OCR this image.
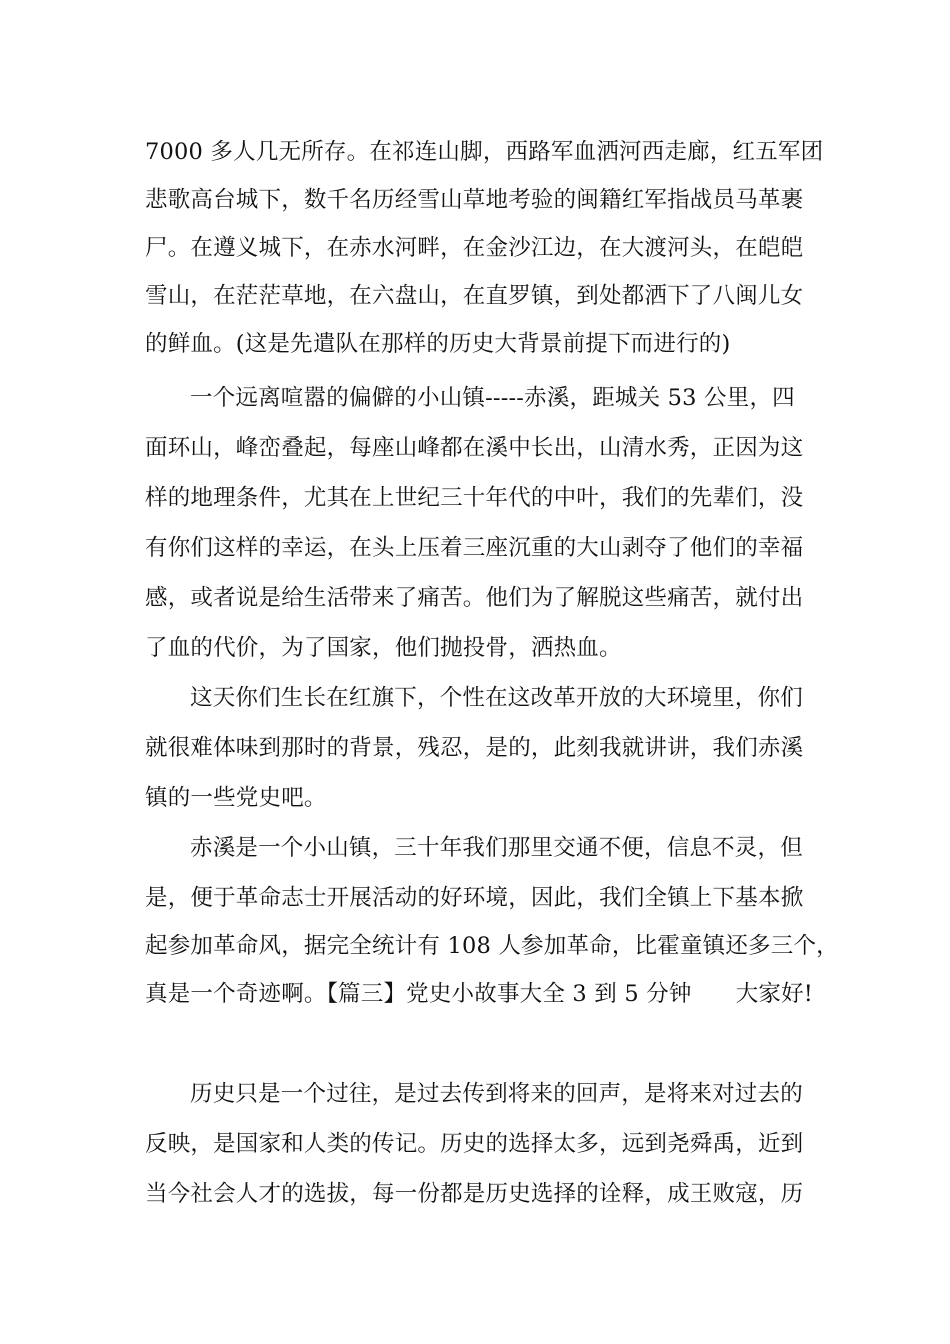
7000 多人几无所存。在祁连山脚，西路军血洒河西走廊，红五军团
悲歌高台城下，数千名历经雪山草地考验的闽籍红军指战员马革裹
尸。在遵义城下，在赤水河畔，在金沙江边，在大渡河头，在皑皑
雪山，在茫茫草地，在六盘山，在直罗镇，到处都洒下了八闽儿女
的鲜血。(这是先遣队在那样的历史大背景前提下而进行的)
一个远离喧嚣的偏僻的小山镇-----赤溪，距城关 53 公里，四
面环山，峰峦叠起，每座山峰都在溪中长出，山清水秀，正因为这
样的地理条件，尤其在上世纪三十年代的中叶，我们的先辈们，没
有你们这样的幸运，在头上压着三座沉重的大山剥夺了他们的幸福
感，或者说是给生活带来了痛苦。他们为了解脱这些痛苦，就付出
了血的代价，为了国家，他们抛投骨，洒热血。
这天你们生长在红旗下，个性在这改革开放的大环境里，你们
就很难体味到那时的背景，残忍，是的，此刻我就讲讲，我们赤溪
镇的一些党史吧。
赤溪是一个小山镇，三十年我们那里交通不便，信息不灵，但
是，便于革命志士开展活动的好环境，因此，我们全镇上下基本掀
起参加革命风，据完全统计有 108 人参加革命，比霍童镇还多三个，
真是一个奇迹啊。【篇三】党史小故事大全 3 到 5 分钟      大家好!
历史只是一个过往，是过去传到将来的回声，是将来对过去的
反映，是国家和人类的传记。历史的选择太多，远到尧舜禹，近到
当今社会人才的选拔，每一份都是历史选择的诠释，成王败寇，历
